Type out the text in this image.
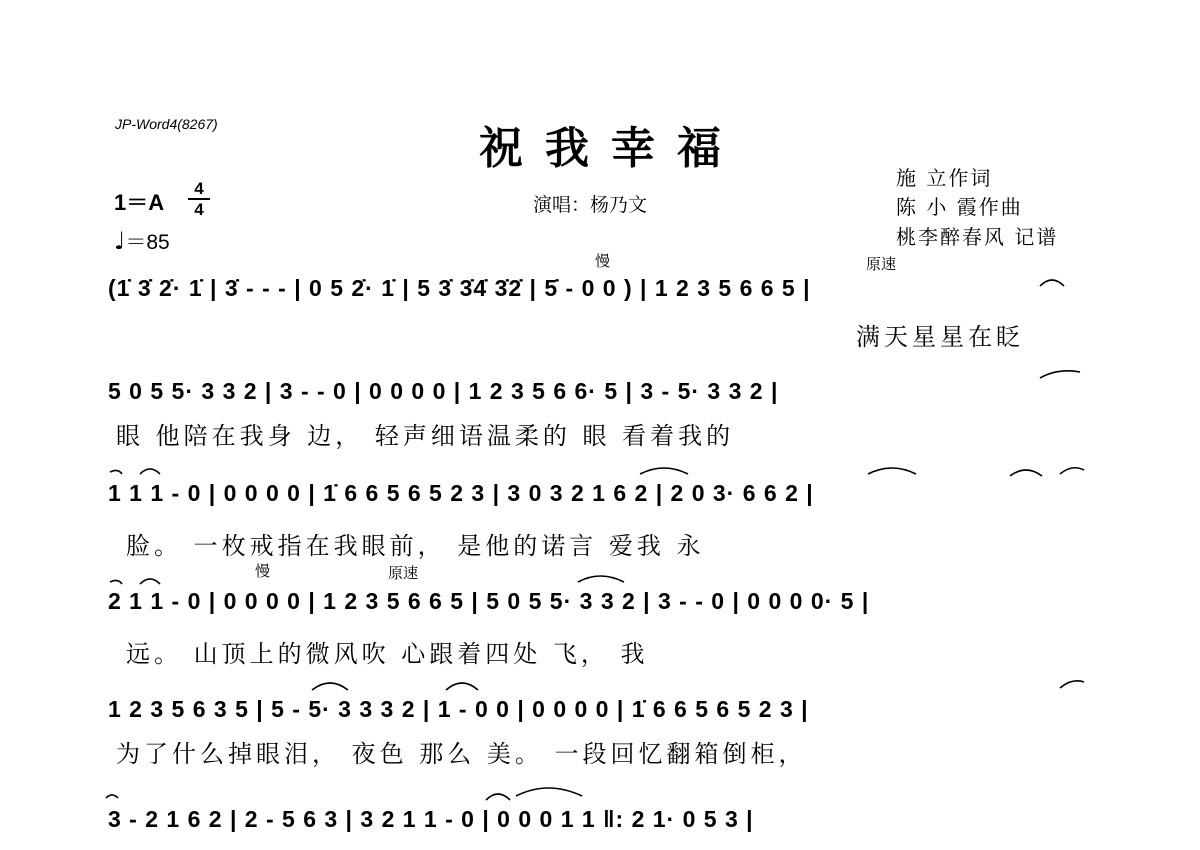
JP-Word4(8267)	祝我幸福
演唱：杨乃文
施 立作词
陈 小 霞作曲
桃李醉春风 记谱
1＝A
4
4
♩＝85
慢	原速
慢	原速
(1̇ 3̇ 2̇· 1̇ | 3̇ - - - | 0 5 2̇· 1̇ | 5 3̇ 3̇4̇ 3̇2̇ | 5̇ - 0 0 ) | 1 2 3 5 6 6 5 |
满天星星在眨
5 0 5 5· 3 3 2 | 3 - - 0 | 0 0 0 0 | 1 2 3 5 6 6· 5 | 3 - 5· 3 3 2 |
眼 他陪在我身 边， 轻声细语温柔的 眼 看着我的
1 1 1 - 0 | 0 0 0 0 | 1̇ 6 6 5 6 5 2 3 | 3 0 3 2 1 6 2 | 2 0 3· 6 6 2 |
脸。 一枚戒指在我眼前， 是他的诺言 爱我 永
2 1 1 - 0 | 0 0 0 0 | 1 2 3 5 6 6 5 | 5 0 5 5· 3 3 2 | 3 - - 0 | 0 0 0 0· 5 |
远。 山顶上的微风吹 心跟着四处 飞， 我
1 2 3 5 6 3 5 | 5 - 5· 3 3 3 2 | 1 - 0 0 | 0 0 0 0 | 1̇ 6 6 5 6 5 2 3 |
为了什么掉眼泪， 夜色 那么 美。 一段回忆翻箱倒柜，
3 - 2 1 6 2 | 2 - 5 6 3 | 3 2 1 1 - 0 | 0 0 0 1 1 ‖: 2 1· 0 5 3 |
